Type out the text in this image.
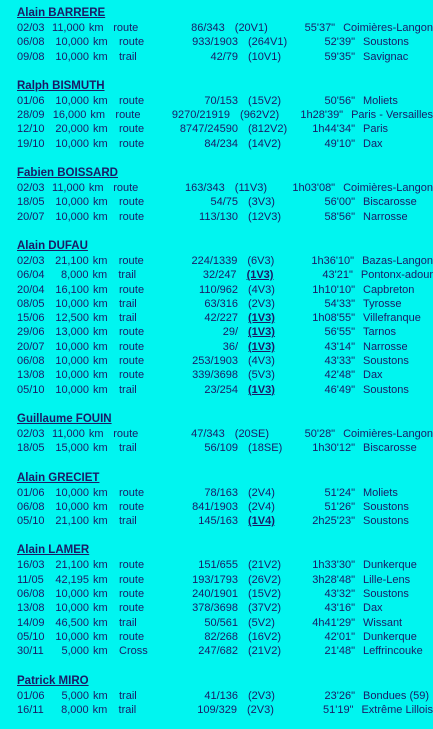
Alain BARRERE
02/03 11,000 km route	86/343 (20V1)	55'37" Coimières-Langon
06/08 10,000 km	route	933/1903 (264V1)	52'39" Soustons
09/08 10,000 km	trail	42/79 (10V1)	59'35" Savignac
Ralph BISMUTH
01/06 10,000 km	route	70/153 (15V2)	50'56" Moliets
28/09 16,000 km route	9270/21919 (962V2)	1h28'39" Paris - Versailles
12/10 20,000 km	route	8747/24590 (812V2)	1h44'34" Paris
19/10 10,000 km	route	84/234 (14V2)	49'10" Dax
Fabien BOISSARD
02/03 11,000 km route	163/343 (11V3)	1h03'08" Coimières-Langon
18/05 10,000 km	route	54/75 (3V3)	56'00" Biscarosse
20/07 10,000 km	route	113/130 (12V3)	58'56" Narrosse
Alain DUFAU
02/03 21,100 km	route	224/1339 (6V3)	1h36'10" Bazas-Langon
06/04	8,000 km	trail	32/247 (1V3)	43'21" Pontonx-adour
20/04 16,100 km	route	110/962 (4V3)	1h10'10" Capbreton
08/05 10,000 km	trail	63/316 (2V3)	54'33" Tyrosse
15/06 12,500 km	trail	42/227 (1V3)	1h08'55" Villefranque
29/06 13,000 km	route	29/ (1V3)	56'55" Tarnos
20/07 10,000 km	route	36/ (1V3)	43'14" Narrosse
06/08 10,000 km	route	253/1903 (4V3)	43'33" Soustons
13/08 10,000 km	route	339/3698 (5V3)	42'48" Dax
05/10 10,000 km	trail	23/254 (1V3)	46'49" Soustons
Guillaume FOUIN
02/03 11,000 km route	47/343 (20SE)	50'28" Coimières-Langon
18/05 15,000 km	trail	56/109 (18SE)	1h30'12" Biscarosse
Alain GRECIET
01/06 10,000 km	route	78/163 (2V4)	51'24" Moliets
06/08 10,000 km	route	841/1903 (2V4)	51'26" Soustons
05/10 21,100 km	trail	145/163 (1V4)	2h25'23" Soustons
Alain LAMER
16/03 21,100 km	route	151/655 (21V2)	1h33'30" Dunkerque
11/05	42,195 km	route	193/1793 (26V2)	3h28'48" Lille-Lens
06/08 10,000 km	route	240/1901 (15V2)	43'32" Soustons
13/08 10,000 km	route	378/3698 (37V2)	43'16" Dax
14/09 46,500 km	trail	50/561 (5V2)	4h41'29" Wissant
05/10 10,000 km	route	82/268 (16V2)	42'01" Dunkerque
30/11	5,000 km	Cross	247/682 (21V2)	21'48" Leffrincouke
Patrick MIRO
01/06	5,000 km	trail	41/136 (2V3)	23'26" Bondues (59)
16/11	8,000 km	trail	109/329 (2V3)	51'19" Extrême Lillois
